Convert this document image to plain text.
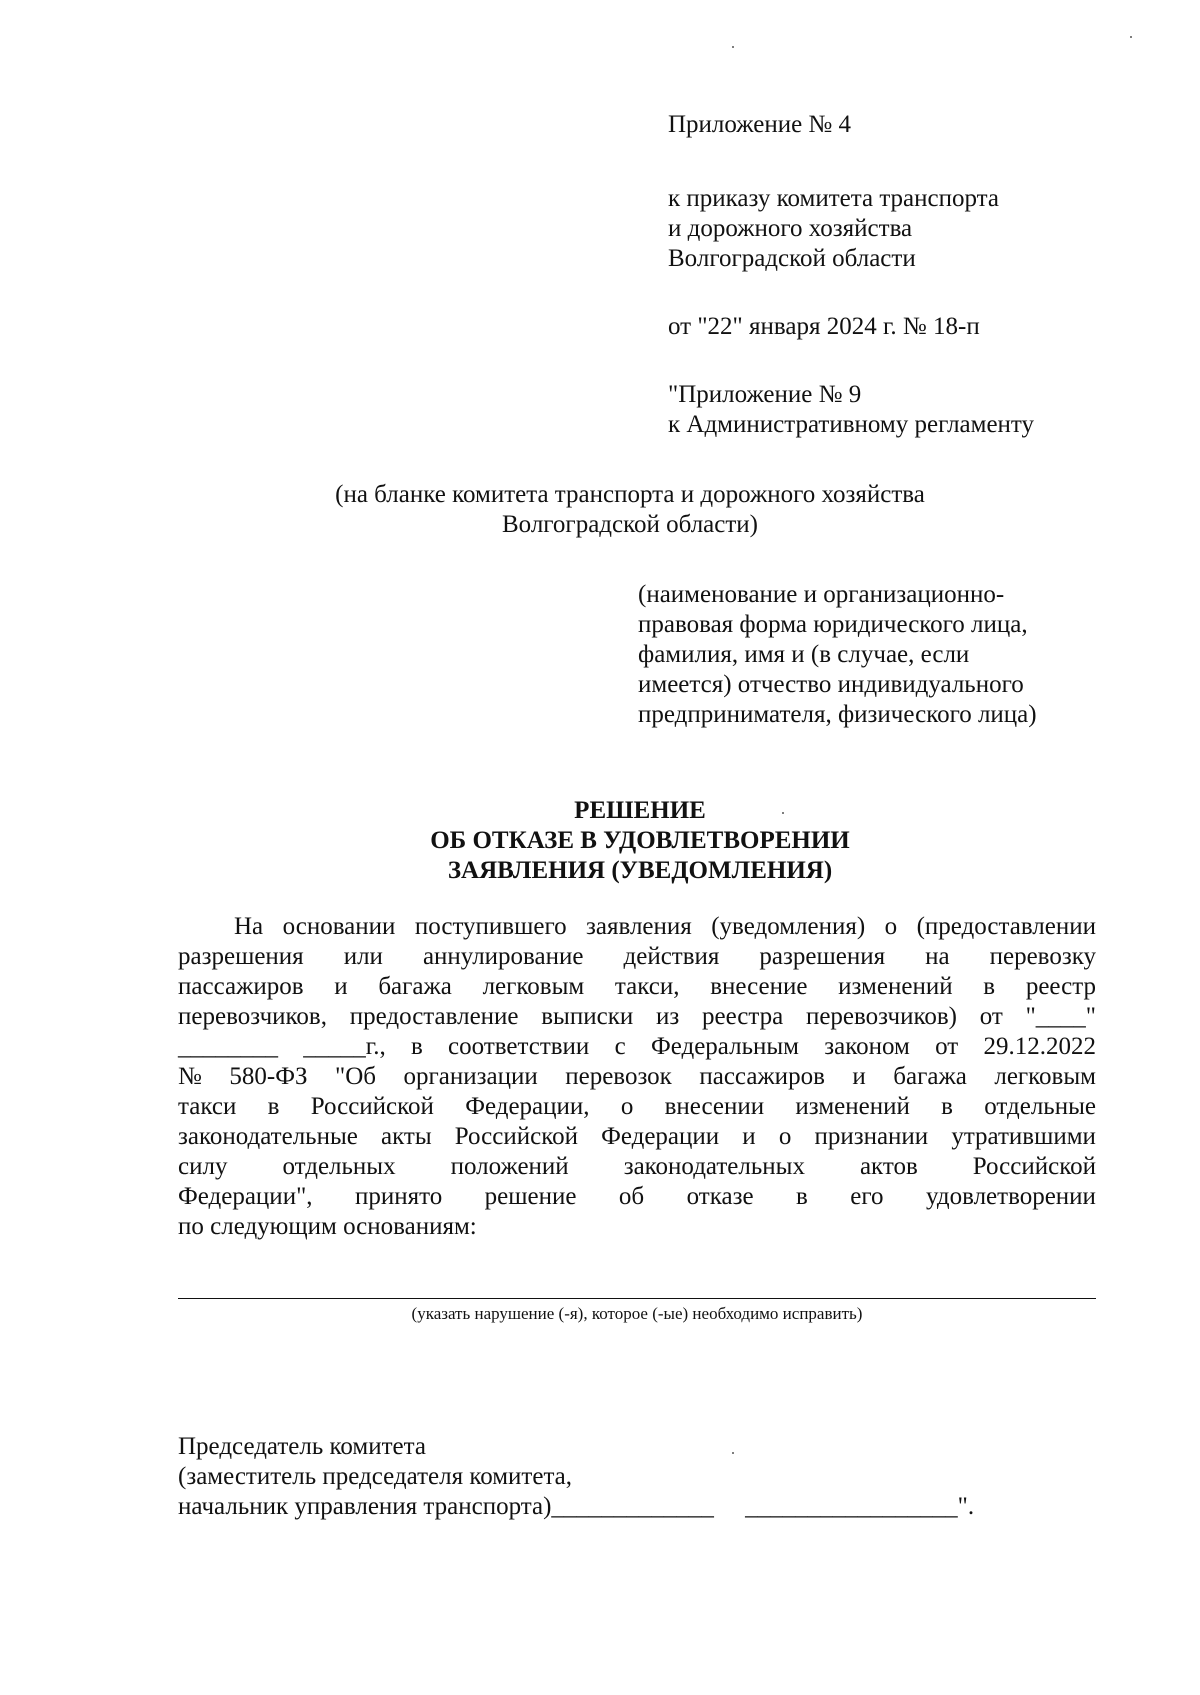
Приложение № 4
к приказу комитета транспорта
и дорожного хозяйства
Волгоградской области
от "22" января 2024 г. № 18-п
"Приложение № 9
к Административному регламенту
(на бланке комитета транспорта и дорожного хозяйства
Волгоградской области)
(наименование и организационно-
правовая форма юридического лица,
фамилия, имя и (в случае, если
имеется) отчество индивидуального
предпринимателя, физического лица)
РЕШЕНИЕ
ОБ ОТКАЗЕ В УДОВЛЕТВОРЕНИИ
ЗАЯВЛЕНИЯ (УВЕДОМЛЕНИЯ)
На основании поступившего заявления (уведомления) о (предоставлении
разрешения или аннулирование действия разрешения на перевозку
пассажиров и багажа легковым такси, внесение изменений в реестр
перевозчиков, предоставление выписки из реестра перевозчиков) от "____"
________ _____г., в соответствии с Федеральным законом от 29.12.2022
№ 580-ФЗ "Об организации перевозок пассажиров и багажа легковым
такси в Российской Федерации, о внесении изменений в отдельные
законодательные акты Российской Федерации и о признании утратившими
силу отдельных положений законодательных актов Российской
Федерации", принято решение об отказе в его удовлетворении
по следующим основаниям:
(указать нарушение (-я), которое (-ые) необходимо исправить)
Председатель комитета
(заместитель председателя комитета,
начальник управления транспорта)_____________     _________________".
